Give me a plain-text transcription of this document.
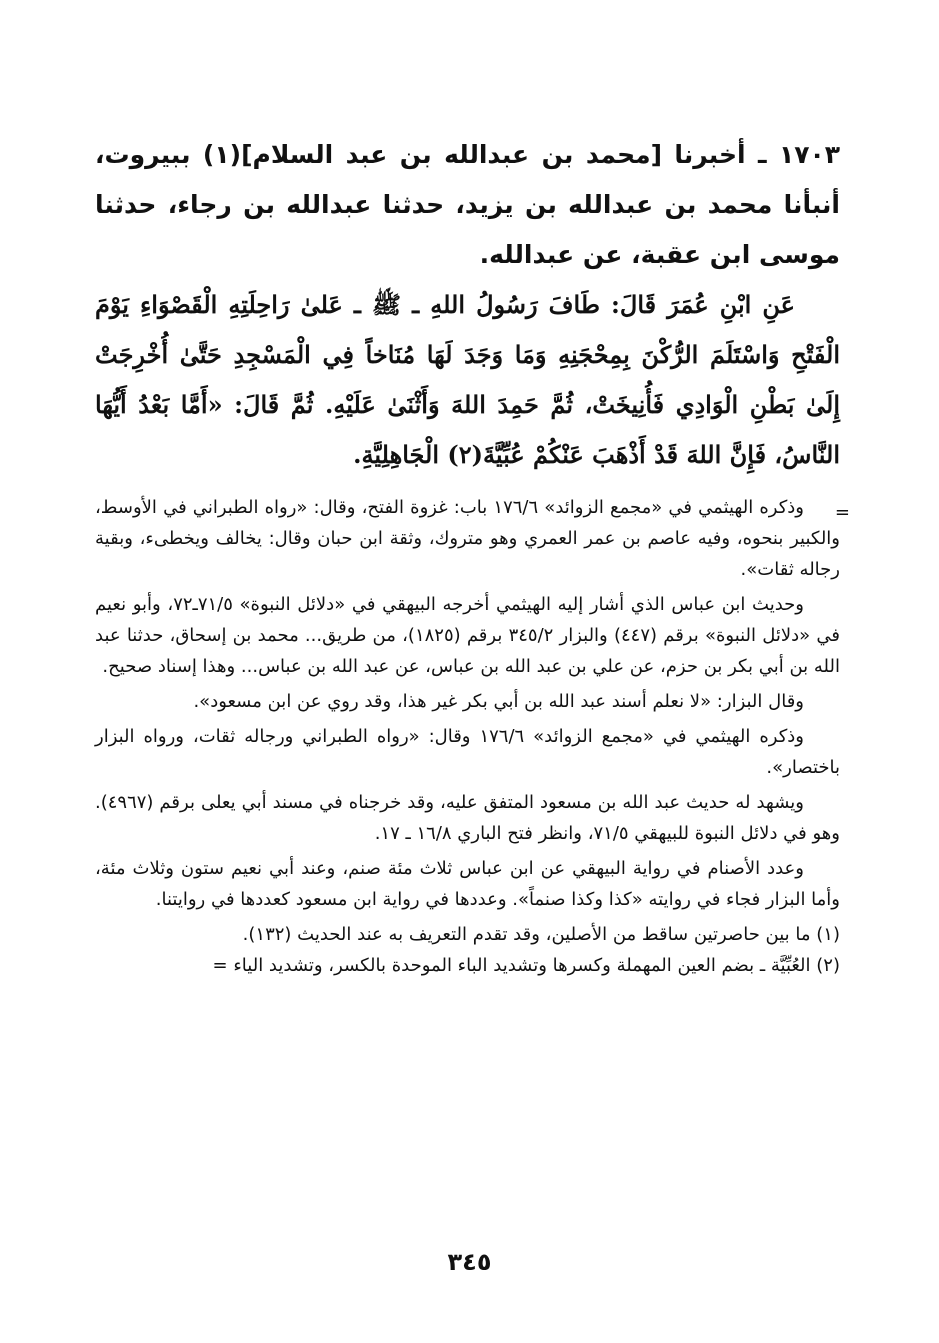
١٧٠٣ ـ أخبرنا [محمد بن عبدالله بن عبد السلام](١) ببيروت، أنبأنا محمد بن عبدالله بن يزيد، حدثنا عبدالله بن رجاء، حدثنا موسى ابن عقبة، عن عبدالله.

عَنِ ابْنِ عُمَرَ قَالَ: طَافَ رَسُولُ اللهِ ـ ﷺ ـ عَلىٰ رَاحِلَتِهِ الْقَصْوَاءِ يَوْمَ الْفَتْحِ وَاسْتَلَمَ الرُّكْنَ بِمِحْجَنِهِ وَمَا وَجَدَ لَهَا مُنَاخاً فِي الْمَسْجِدِ حَتَّىٰ أُخْرِجَتْ إِلَىٰ بَطْنِ الْوَادِي فَأُنِيخَتْ، ثُمَّ حَمِدَ اللهَ وَأَثْنَىٰ عَلَيْهِ. ثُمَّ قَالَ: «أَمَّا بَعْدُ أَيُّهَا النَّاسُ، فَإِنَّ اللهَ قَدْ أَذْهَبَ عَنْكُمْ عُبِّيَّةَ(٢) الْجَاهِلِيَّةِ.

=

وذكره الهيثمي في «مجمع الزوائد» ١٧٦/٦ باب: غزوة الفتح، وقال: «رواه الطبراني في الأوسط، والكبير بنحوه، وفيه عاصم بن عمر العمري وهو متروك، وثقة ابن حبان وقال: يخالف ويخطىء، وبقية رجاله ثقات».

وحديث ابن عباس الذي أشار إليه الهيثمي أخرجه البيهقي في «دلائل النبوة» ٧١/٥ـ٧٢، وأبو نعيم في «دلائل النبوة» برقم (٤٤٧) والبزار ٣٤٥/٢ برقم (١٨٢٥)، من طريق... محمد بن إسحاق، حدثنا عبد الله بن أبي بكر بن حزم، عن علي بن عبد الله بن عباس، عن عبد الله بن عباس... وهذا إسناد صحيح.

وقال البزار: «لا نعلم أسند عبد الله بن أبي بكر غير هذا، وقد روي عن ابن مسعود».

وذكره الهيثمي في «مجمع الزوائد» ١٧٦/٦ وقال: «رواه الطبراني ورجاله ثقات، ورواه البزار باختصار».

ويشهد له حديث عبد الله بن مسعود المتفق عليه، وقد خرجناه في مسند أبي يعلى برقم (٤٩٦٧). وهو في دلائل النبوة للبيهقي ٧١/٥، وانظر فتح الباري ١٦/٨ ـ ١٧.

وعدد الأصنام في رواية البيهقي عن ابن عباس ثلاث مئة صنم، وعند أبي نعيم ستون وثلاث مئة، وأما البزار فجاء في روايته «كذا وكذا صنماً». وعددها في رواية ابن مسعود كعددها في روايتنا.

(١) ما بين حاصرتين ساقط من الأصلين، وقد تقدم التعريف به عند الحديث (١٣٢).

(٢) العُبِّيَّة ـ بضم العين المهملة وكسرها وتشديد الباء الموحدة بالكسر، وتشديد الياء =

٣٤٥
